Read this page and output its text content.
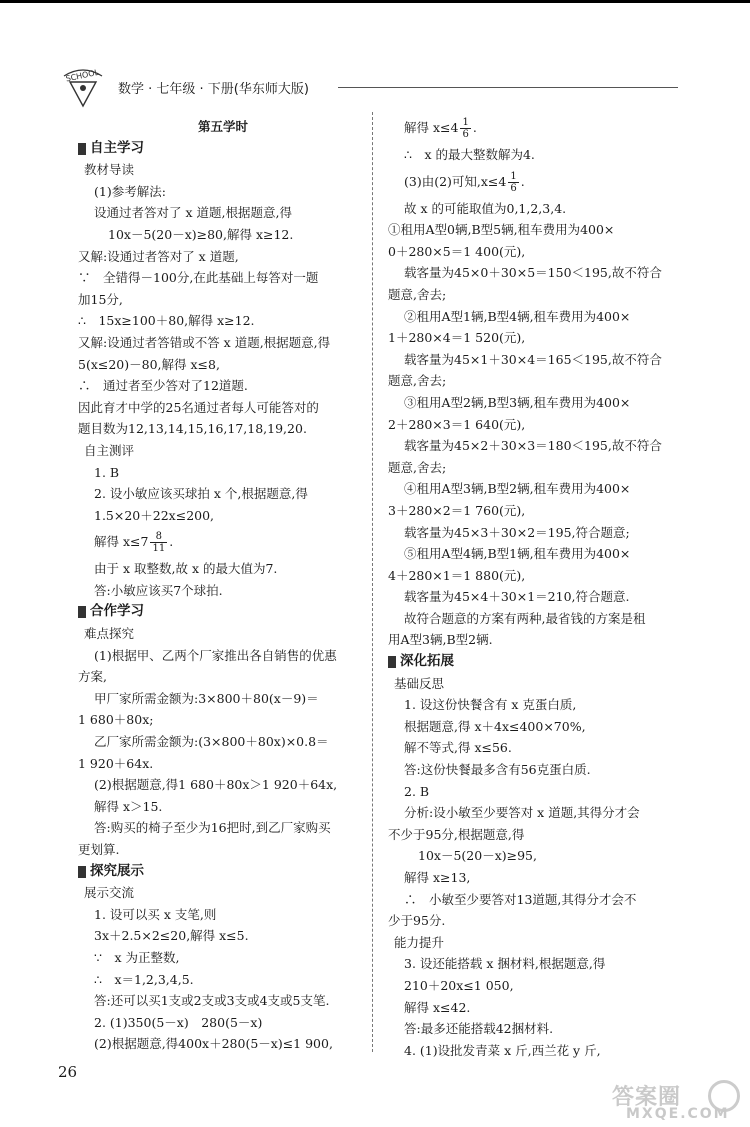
SCHOOL
数学 · 七年级 · 下册(华东师大版)
第五学时
自主学习
教材导读
(1)参考解法:
设通过者答对了 x 道题,根据题意,得
10x－5(20－x)≥80,解得 x≥12.
又解:设通过者答对了 x 道题,
∵　全错得－100分,在此基础上每答对一题
加15分,
∴　15x≥100＋80,解得 x≥12.
又解:设通过者答错或不答 x 道题,根据题意,得
5(x≤20)－80,解得 x≤8,
∴　通过者至少答对了12道题.
因此育才中学的25名通过者每人可能答对的
题目数为12,13,14,15,16,17,18,19,20.
自主测评
1. B
2. 设小敏应该买球拍 x 个,根据题意,得
1.5×20＋22x≤200,
解得 $x\le 7 \frac{8}{11}$ .
由于 x 取整数,故 x 的最大值为7.
答:小敏应该买7个球拍.
合作学习
难点探究
(1)根据甲、乙两个厂家推出各自销售的优惠
方案,
甲厂家所需金额为:3×800＋80(x－9)＝
1 680＋80x;
乙厂家所需金额为:(3×800＋80x)×0.8＝
1 920＋64x.
(2)根据题意,得1 680＋80x＞1 920＋64x,
解得 x＞15.
答:购买的椅子至少为16把时,到乙厂家购买
更划算.
探究展示
展示交流
1. 设可以买 x 支笔,则
3x＋2.5×2≤20,解得 x≤5.
∵　x 为正整数,
∴　x＝1,2,3,4,5.
答:还可以买1支或2支或3支或4支或5支笔.
2. (1)350(5－x)　280(5－x)
(2)根据题意,得400x＋280(5－x)≤1 900,
解得 $x\le 4 \frac{1}{6}$ .
∴　x 的最大整数解为4.
(3)由(2)可知$,x\le 4 \frac{1}{6}$ .
故 x 的可能取值为0,1,2,3,4.
①租用A型0辆,B型5辆,租车费用为400×
0＋280×5＝1 400(元),
载客量为45×0＋30×5＝150＜195,故不符合
题意,舍去;
②租用A型1辆,B型4辆,租车费用为400×
1＋280×4＝1 520(元),
载客量为45×1＋30×4＝165＜195,故不符合
题意,舍去;
③租用A型2辆,B型3辆,租车费用为400×
2＋280×3＝1 640(元),
载客量为45×2＋30×3＝180＜195,故不符合
题意,舍去;
④租用A型3辆,B型2辆,租车费用为400×
3＋280×2＝1 760(元),
载客量为45×3＋30×2＝195,符合题意;
⑤租用A型4辆,B型1辆,租车费用为400×
4＋280×1＝1 880(元),
载客量为45×4＋30×1＝210,符合题意.
故符合题意的方案有两种,最省钱的方案是租
用A型3辆,B型2辆.
深化拓展
基础反思
1. 设这份快餐含有 x 克蛋白质,
根据题意,得 x＋4x≤400×70%,
解不等式,得 x≤56.
答:这份快餐最多含有56克蛋白质.
2. B
分析:设小敏至少要答对 x 道题,其得分才会
不少于95分,根据题意,得
10x－5(20－x)≥95,
解得 x≥13,
∴　小敏至少要答对13道题,其得分才会不
少于95分.
能力提升
3. 设还能搭载 x 捆材料,根据题意,得
210＋20x≤1 050,
解得 x≤42.
答:最多还能搭载42捆材料.
4. (1)设批发青菜 x 斤,西兰花 y 斤,
26
答案圈
MXQE.COM
